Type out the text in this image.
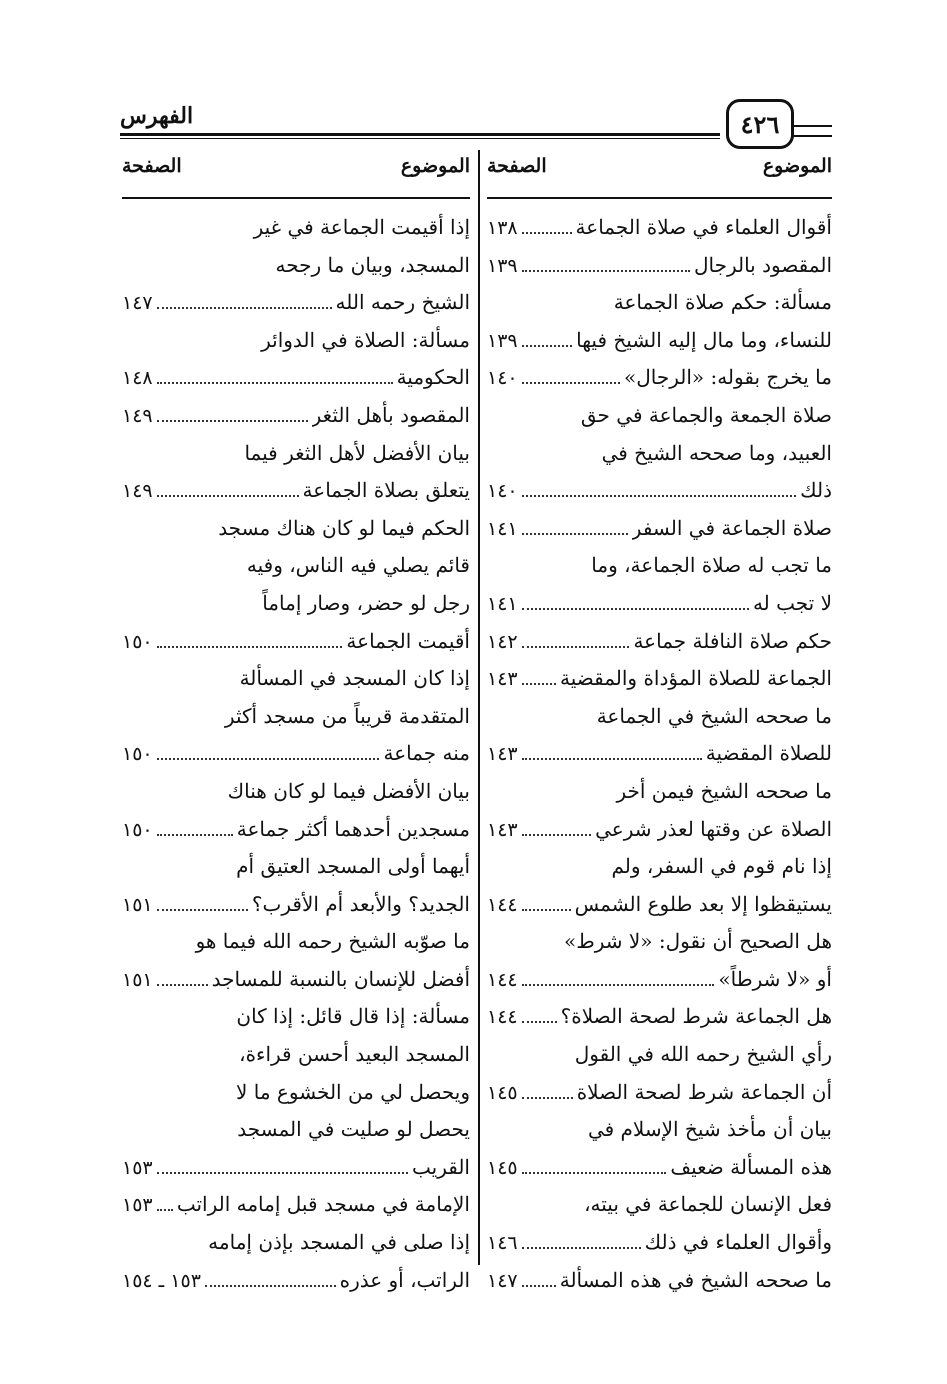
الفهرس	٤٢٦
الموضوع
الصفحة
أقوال العلماء في صلاة الجماعة
١٣٨
المقصود بالرجال
١٣٩
مسألة: حكم صلاة الجماعة
للنساء، وما مال إليه الشيخ فيها
١٣٩
ما يخرج بقوله: «الرجال»
١٤٠
صلاة الجمعة والجماعة في حق
العبيد، وما صححه الشيخ في
ذلك
١٤٠
صلاة الجماعة في السفر
١٤١
ما تجب له صلاة الجماعة، وما
لا تجب له
١٤١
حكم صلاة النافلة جماعة
١٤٢
الجماعة للصلاة المؤداة والمقضية
١٤٣
ما صححه الشيخ في الجماعة
للصلاة المقضية
١٤٣
ما صححه الشيخ فيمن أخر
الصلاة عن وقتها لعذر شرعي
١٤٣
إذا نام قوم في السفر، ولم
يستيقظوا إلا بعد طلوع الشمس
١٤٤
هل الصحيح أن نقول: «لا شرط»
أو «لا شرطاً»
١٤٤
هل الجماعة شرط لصحة الصلاة؟
١٤٤
رأي الشيخ رحمه الله في القول
أن الجماعة شرط لصحة الصلاة
١٤٥
بيان أن مأخذ شيخ الإسلام في
هذه المسألة ضعيف
١٤٥
فعل الإنسان للجماعة في بيته،
وأقوال العلماء في ذلك
١٤٦
ما صححه الشيخ في هذه المسألة
١٤٧
الموضوع
الصفحة
إذا أقيمت الجماعة في غير
المسجد، وبيان ما رجحه
الشيخ رحمه الله
١٤٧
مسألة: الصلاة في الدوائر
الحكومية
١٤٨
المقصود بأهل الثغر
١٤٩
بيان الأفضل لأهل الثغر فيما
يتعلق بصلاة الجماعة
١٤٩
الحكم فيما لو كان هناك مسجد
قائم يصلي فيه الناس، وفيه
رجل لو حضر، وصار إماماً
أقيمت الجماعة
١٥٠
إذا كان المسجد في المسألة
المتقدمة قريباً من مسجد أكثر
منه جماعة
١٥٠
بيان الأفضل فيما لو كان هناك
مسجدين أحدهما أكثر جماعة
١٥٠
أيهما أولى المسجد العتيق أم
الجديد؟ والأبعد أم الأقرب؟
١٥١
ما صوّبه الشيخ رحمه الله فيما هو
أفضل للإنسان بالنسبة للمساجد
١٥١
مسألة: إذا قال قائل: إذا كان
المسجد البعيد أحسن قراءة،
ويحصل لي من الخشوع ما لا
يحصل لو صليت في المسجد
القريب
١٥٣
الإمامة في مسجد قبل إمامه الراتب
١٥٣
إذا صلى في المسجد بإذن إمامه
الراتب، أو عذره
١٥٣ ـ ١٥٤
